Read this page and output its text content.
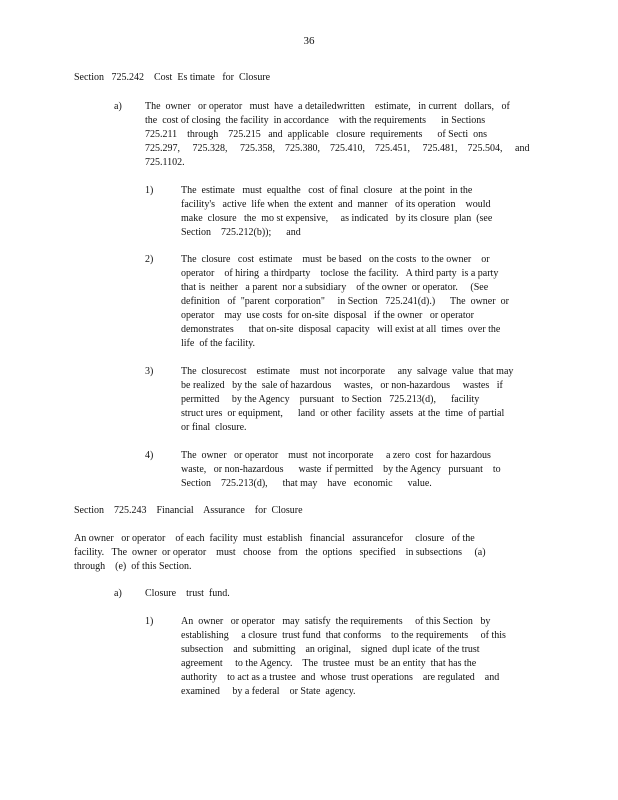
36
Section   725.242    Cost  Es timate   for  Closure
a) The  owner   or operator   must  have  a detailedwritten    estimate,   in current   dollars,   of
the  cost of closing  the facility  in accordance    with the requirements      in Sections
725.211    through    725.215   and  applicable   closure  requirements      of Secti  ons
725.297,     725.328,     725.358,    725.380,    725.410,    725.451,     725.481,    725.504,     and
725.1102.
1)	The  estimate   must  equalthe   cost  of final  closure   at the point  in the
facility's   active  life when  the extent  and  manner   of its operation    would
make  closure   the  mo st expensive,     as indicated   by its closure  plan  (see
Section    725.212(b));      and
2)	The  closure   cost  estimate    must  be based   on the costs  to the owner    or
operator    of hiring  a thirdparty    toclose  the facility.   A third party  is a party
that is  neither   a parent  nor a subsidiary    of the owner  or operator.     (See
definition   of  "parent  corporation"     in Section   725.241(d).)      The  owner  or
operator    may  use costs  for on-site  disposal   if the owner   or operator
demonstrates      that on-site  disposal  capacity   will exist at all  times  over the
life  of the facility.
3)	The  closurecost    estimate    must  not incorporate     any  salvage  value  that may
be realized   by the  sale of hazardous     wastes,   or non-hazardous     wastes   if
permitted     by the Agency    pursuant   to Section   725.213(d),      facility
struct ures  or equipment,      land  or other  facility  assets  at the  time  of partial
or final  closure.
4)	The  owner   or operator    must  not incorporate     a zero  cost  for hazardous
waste,   or non-hazardous      waste  if permitted    by the Agency   pursuant    to
Section    725.213(d),      that may    have   economic      value.
Section    725.243    Financial    Assurance    for  Closure
An owner   or operator    of each  facility  must  establish   financial   assurancefor     closure   of the
facility.   The  owner  or operator    must   choose   from   the  options   specified    in subsections     (a)
through    (e)  of this Section.
a) Closure    trust  fund.
1)	An  owner   or operator   may  satisfy  the requirements     of this Section   by
establishing     a closure  trust fund  that conforms    to the requirements     of this
subsection    and  submitting    an original,    signed  dupl icate  of the trust
agreement     to the Agency.    The  trustee  must  be an entity  that has the
authority    to act as a trustee  and  whose  trust operations    are regulated    and
examined     by a federal    or State  agency.
